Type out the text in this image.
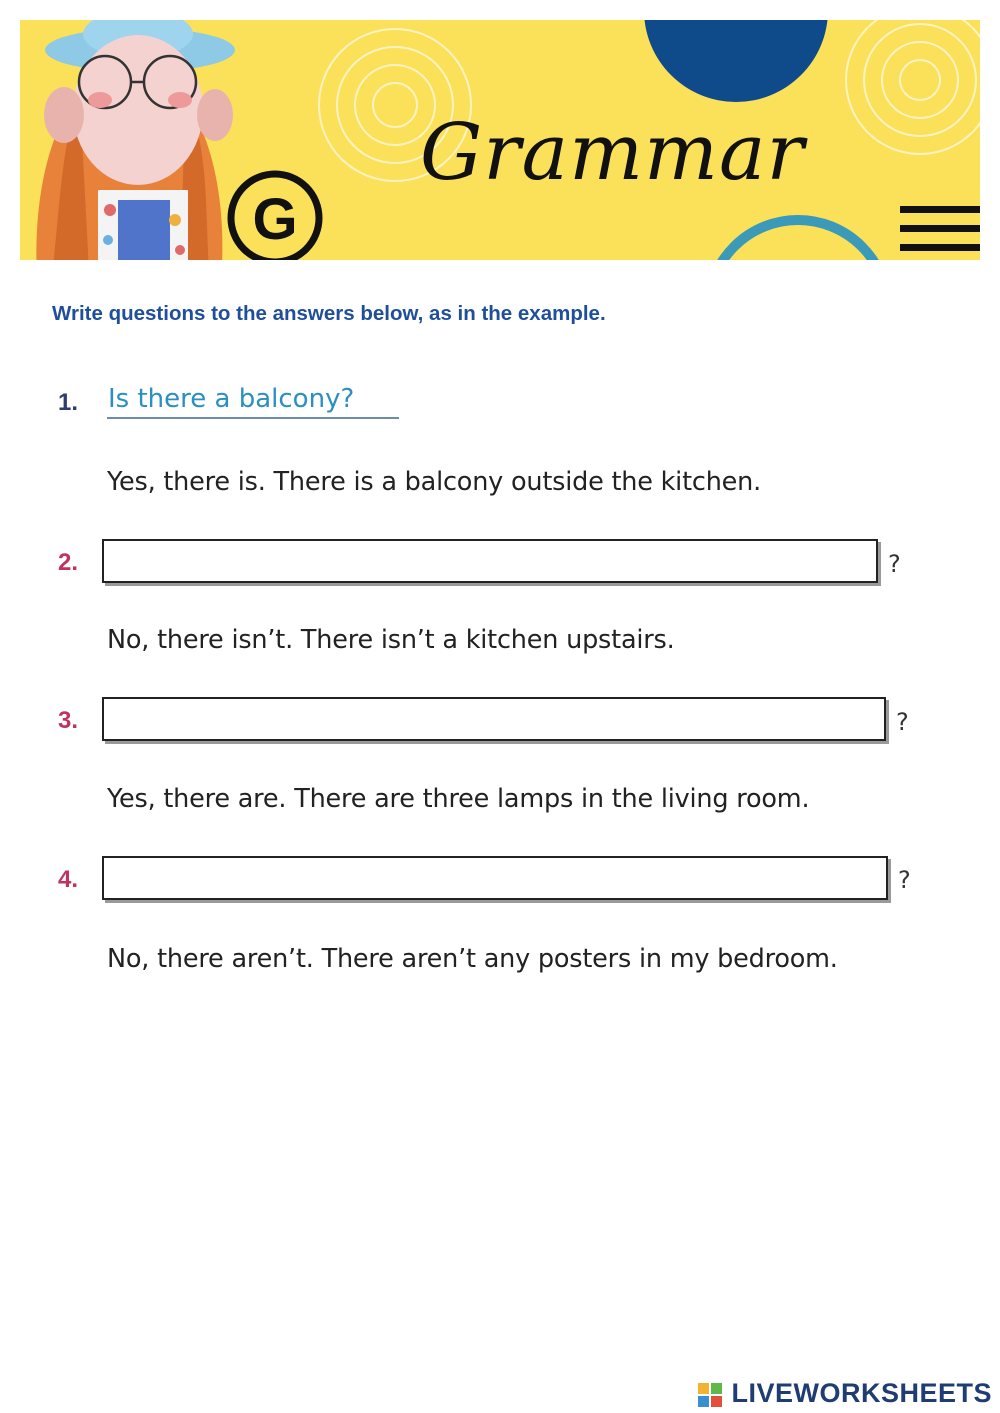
G
Grammar
Write questions to the answers below, as in the example.
1. Is there a balcony?
Yes, there is. There is a balcony outside the kitchen.
2.	?
No, there isn’t. There isn’t a kitchen upstairs.
3.	?
Yes, there are. There are three lamps in the living room.
4.	?
No, there aren’t. There aren’t any posters in my bedroom.
LIVEWORKSHEETS
